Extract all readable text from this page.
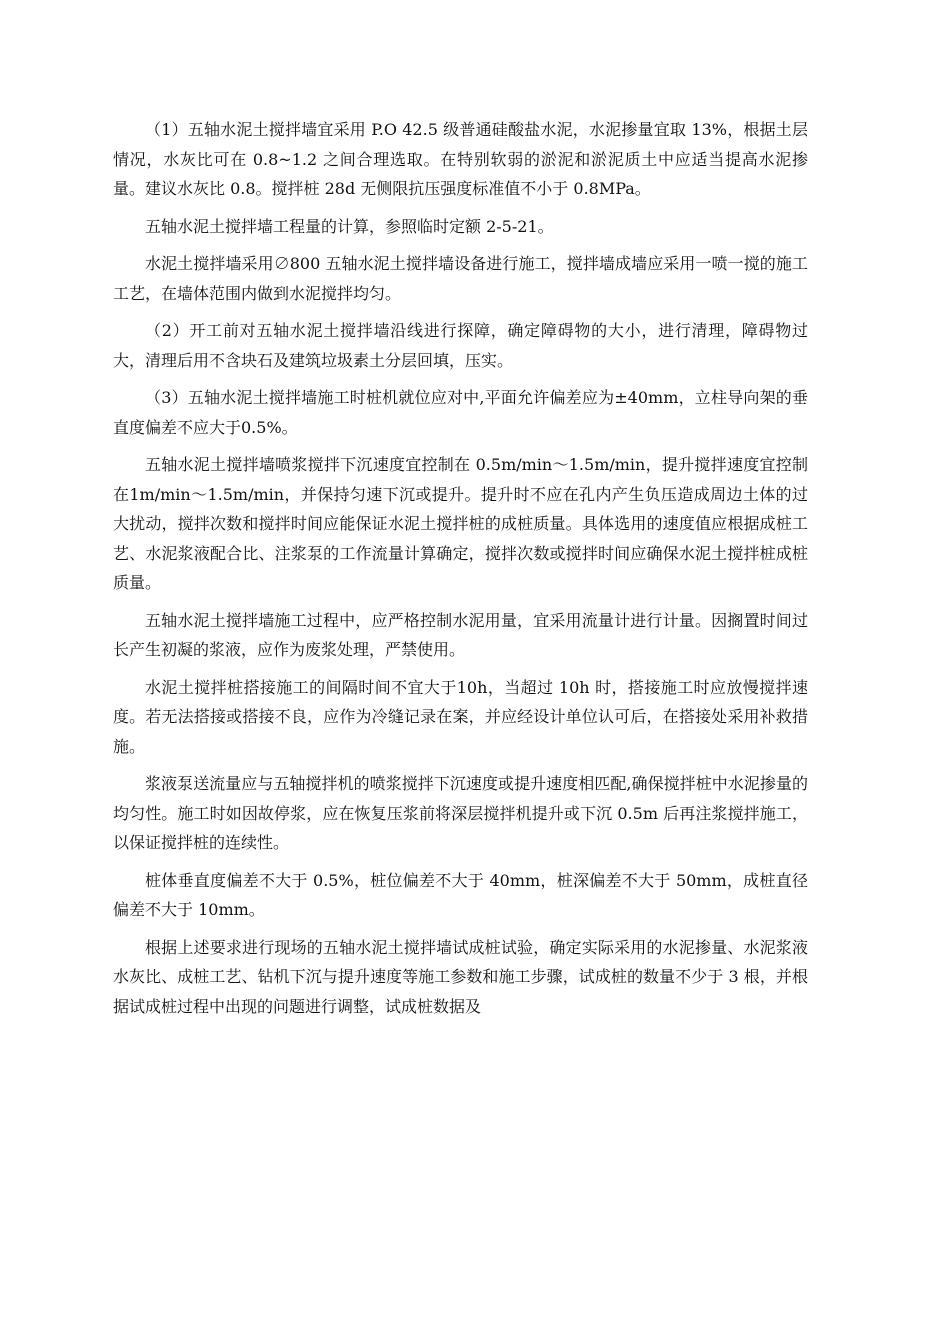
（1）五轴水泥土搅拌墙宜采用 P.O 42.5 级普通硅酸盐水泥，水泥掺量宜取 13%，根据土层情况，水灰比可在 0.8~1.2 之间合理选取。在特别软弱的淤泥和淤泥质土中应适当提高水泥掺量。建议水灰比 0.8。搅拌桩 28d 无侧限抗压强度标准值不小于 0.8MPa。

五轴水泥土搅拌墙工程量的计算，参照临时定额 2-5-21。

水泥土搅拌墙采用∅800 五轴水泥土搅拌墙设备进行施工，搅拌墙成墙应采用一喷一搅的施工工艺，在墙体范围内做到水泥搅拌均匀。

（2）开工前对五轴水泥土搅拌墙沿线进行探障，确定障碍物的大小，进行清理，障碍物过大，清理后用不含块石及建筑垃圾素土分层回填，压实。

（3）五轴水泥土搅拌墙施工时桩机就位应对中,平面允许偏差应为±40mm，立柱导向架的垂直度偏差不应大于0.5%。

五轴水泥土搅拌墙喷浆搅拌下沉速度宜控制在 0.5m/min～1.5m/min，提升搅拌速度宜控制在1m/min～1.5m/min，并保持匀速下沉或提升。提升时不应在孔内产生负压造成周边土体的过大扰动，搅拌次数和搅拌时间应能保证水泥土搅拌桩的成桩质量。具体选用的速度值应根据成桩工艺、水泥浆液配合比、注浆泵的工作流量计算确定，搅拌次数或搅拌时间应确保水泥土搅拌桩成桩质量。

五轴水泥土搅拌墙施工过程中，应严格控制水泥用量，宜采用流量计进行计量。因搁置时间过长产生初凝的浆液，应作为废浆处理，严禁使用。

水泥土搅拌桩搭接施工的间隔时间不宜大于10h，当超过 10h 时，搭接施工时应放慢搅拌速度。若无法搭接或搭接不良，应作为冷缝记录在案，并应经设计单位认可后，在搭接处采用补救措施。

浆液泵送流量应与五轴搅拌机的喷浆搅拌下沉速度或提升速度相匹配,确保搅拌桩中水泥掺量的均匀性。施工时如因故停浆，应在恢复压浆前将深层搅拌机提升或下沉 0.5m 后再注浆搅拌施工，以保证搅拌桩的连续性。

桩体垂直度偏差不大于 0.5%，桩位偏差不大于 40mm，桩深偏差不大于 50mm，成桩直径偏差不大于 10mm。

根据上述要求进行现场的五轴水泥土搅拌墙试成桩试验，确定实际采用的水泥掺量、水泥浆液水灰比、成桩工艺、钻机下沉与提升速度等施工参数和施工步骤，试成桩的数量不少于 3 根，并根据试成桩过程中出现的问题进行调整，试成桩数据及
